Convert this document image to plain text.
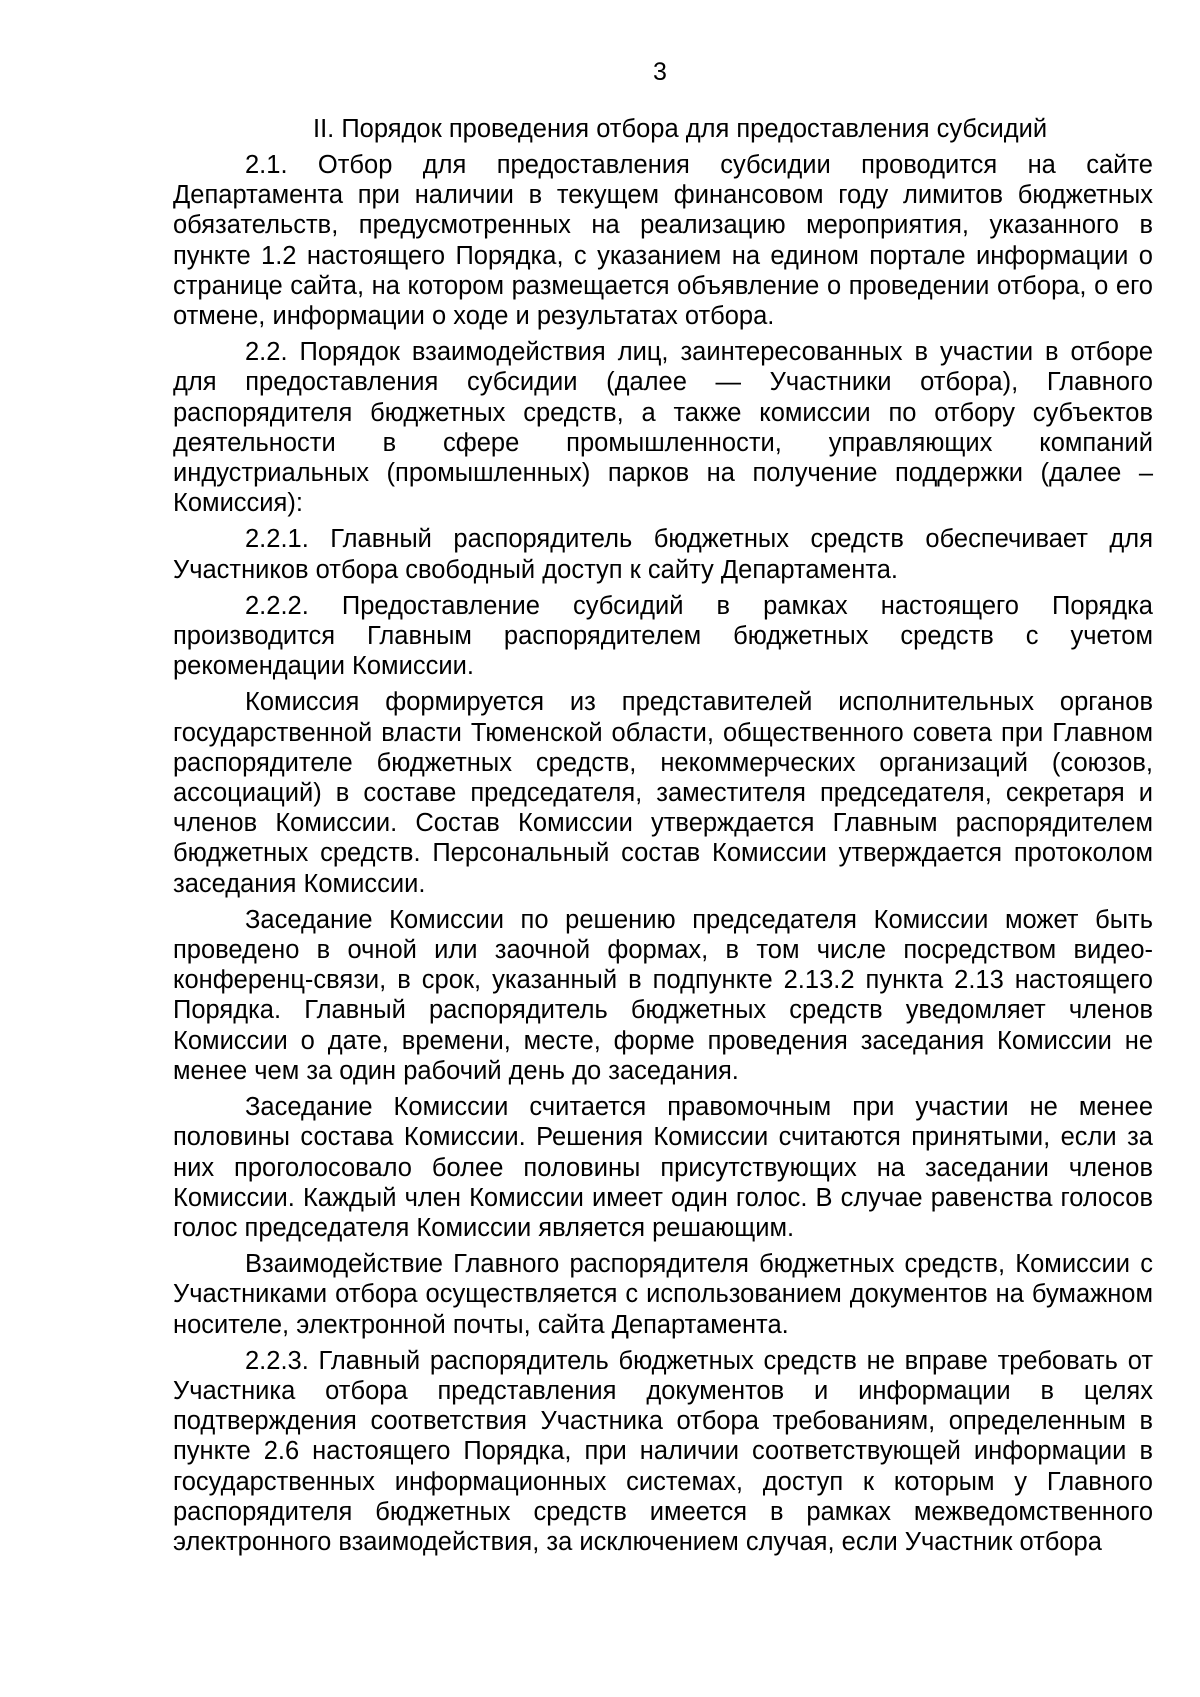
3
II. Порядок проведения отбора для предоставления субсидий

2.1. Отбор для предоставления субсидии проводится на сайте Департамента при наличии в текущем финансовом году лимитов бюджетных обязательств, предусмотренных на реализацию мероприятия, указанного в пункте 1.2 настоящего Порядка, с указанием на едином портале информации о странице сайта, на котором размещается объявление о проведении отбора, о его отмене, информации о ходе и результатах отбора.

2.2. Порядок взаимодействия лиц, заинтересованных в участии в отборе для предоставления субсидии (далее — Участники отбора), Главного распорядителя бюджетных средств, а также комиссии по отбору субъектов деятельности в сфере промышленности, управляющих компаний индустриальных (промышленных) парков на получение поддержки (далее – Комиссия):

2.2.1. Главный распорядитель бюджетных средств обеспечивает для Участников отбора свободный доступ к сайту Департамента.

2.2.2. Предоставление субсидий в рамках настоящего Порядка производится Главным распорядителем бюджетных средств с учетом рекомендации Комиссии.

Комиссия формируется из представителей исполнительных органов государственной власти Тюменской области, общественного совета при Главном распорядителе бюджетных средств, некоммерческих организаций (союзов, ассоциаций) в составе председателя, заместителя председателя, секретаря и членов Комиссии. Состав Комиссии утверждается Главным распорядителем бюджетных средств. Персональный состав Комиссии утверждается протоколом заседания Комиссии.

Заседание Комиссии по решению председателя Комиссии может быть проведено в очной или заочной формах, в том числе посредством видео-конференц-связи, в срок, указанный в подпункте 2.13.2 пункта 2.13 настоящего Порядка. Главный распорядитель бюджетных средств уведомляет членов Комиссии о дате, времени, месте, форме проведения заседания Комиссии не менее чем за один рабочий день до заседания.

Заседание Комиссии считается правомочным при участии не менее половины состава Комиссии. Решения Комиссии считаются принятыми, если за них проголосовало более половины присутствующих на заседании членов Комиссии. Каждый член Комиссии имеет один голос. В случае равенства голосов голос председателя Комиссии является решающим.

Взаимодействие Главного распорядителя бюджетных средств, Комиссии с Участниками отбора осуществляется с использованием документов на бумажном носителе, электронной почты, сайта Департамента.

2.2.3. Главный распорядитель бюджетных средств не вправе требовать от Участника отбора представления документов и информации в целях подтверждения соответствия Участника отбора требованиям, определенным в пункте 2.6 настоящего Порядка, при наличии соответствующей информации в государственных информационных системах, доступ к которым у Главного распорядителя бюджетных средств имеется в рамках межведомственного электронного взаимодействия, за исключением случая, если Участник отбора
